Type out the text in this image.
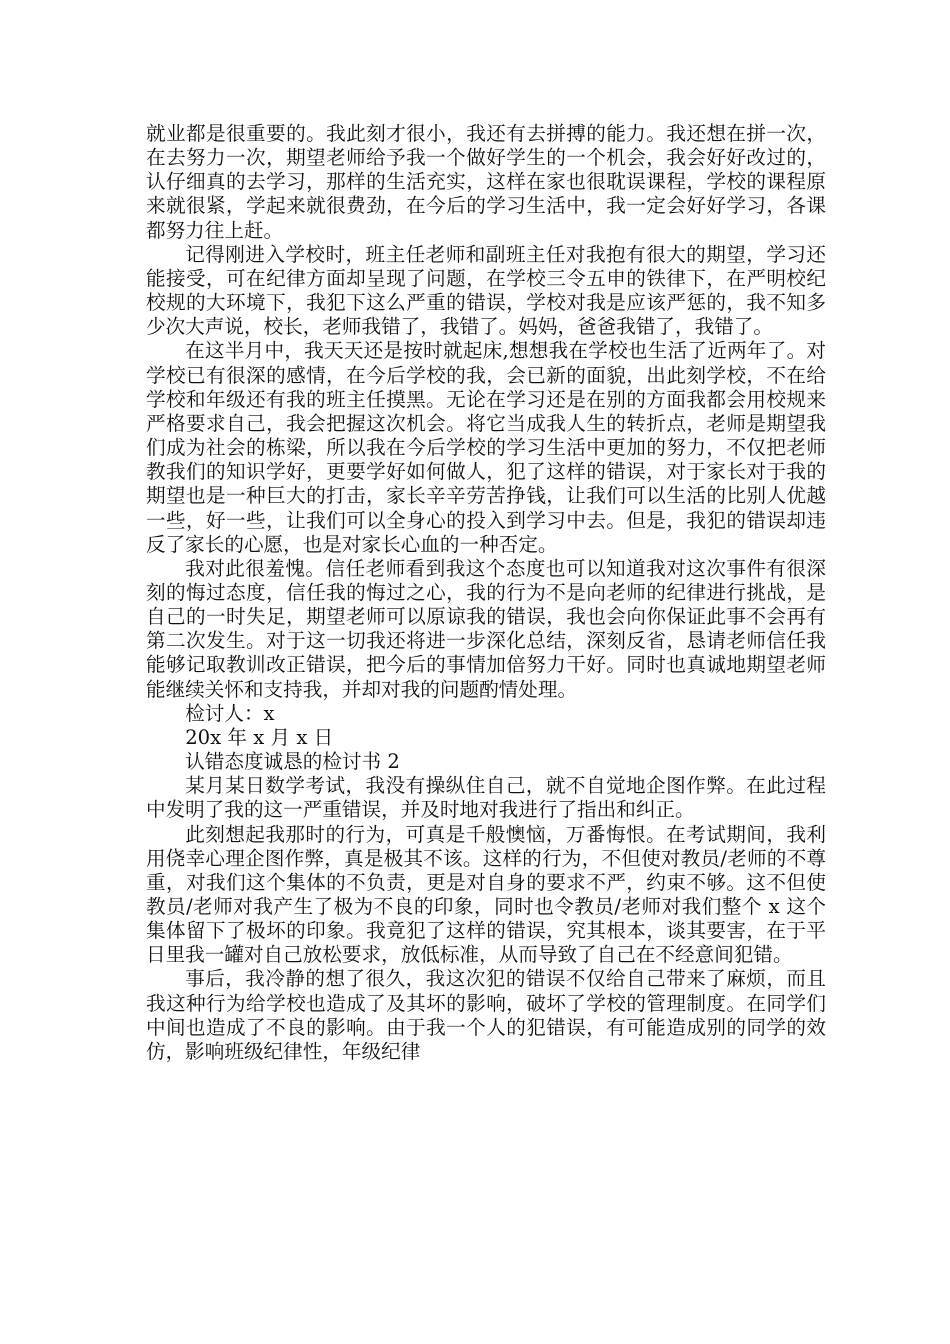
就业都是很重要的。我此刻才很小，我还有去拼搏的能力。我还想在拼一次，在去努力一次，期望老师给予我一个做好学生的一个机会，我会好好改过的，认仔细真的去学习，那样的生活充实，这样在家也很耽误课程，学校的课程原来就很紧，学起来就很费劲，在今后的学习生活中，我一定会好好学习，各课都努力往上赶。

记得刚进入学校时，班主任老师和副班主任对我抱有很大的期望，学习还能接受，可在纪律方面却呈现了问题，在学校三令五申的铁律下，在严明校纪校规的大环境下，我犯下这么严重的错误，学校对我是应该严惩的，我不知多少次大声说，校长，老师我错了，我错了。妈妈，爸爸我错了，我错了。

在这半月中，我天天还是按时就起床,想想我在学校也生活了近两年了。对学校已有很深的感情，在今后学校的我，会已新的面貌，出此刻学校，不在给学校和年级还有我的班主任摸黑。无论在学习还是在别的方面我都会用校规来严格要求自己，我会把握这次机会。将它当成我人生的转折点，老师是期望我们成为社会的栋梁，所以我在今后学校的学习生活中更加的努力，不仅把老师教我们的知识学好，更要学好如何做人，犯了这样的错误，对于家长对于我的期望也是一种巨大的打击，家长辛辛劳苦挣钱，让我们可以生活的比别人优越一些，好一些，让我们可以全身心的投入到学习中去。但是，我犯的错误却违反了家长的心愿，也是对家长心血的一种否定。

我对此很羞愧。信任老师看到我这个态度也可以知道我对这次事件有很深刻的悔过态度，信任我的悔过之心，我的行为不是向老师的纪律进行挑战，是自己的一时失足，期望老师可以原谅我的错误，我也会向你保证此事不会再有第二次发生。对于这一切我还将进一步深化总结，深刻反省，恳请老师信任我能够记取教训改正错误，把今后的事情加倍努力干好。同时也真诚地期望老师能继续关怀和支持我，并却对我的问题酌情处理。

检讨人：x

20x 年 x 月 x 日

认错态度诚恳的检讨书 2

某月某日数学考试，我没有操纵住自己，就不自觉地企图作弊。在此过程中发明了我的这一严重错误，并及时地对我进行了指出和纠正。

此刻想起我那时的行为，可真是千般懊恼，万番悔恨。在考试期间，我利用侥幸心理企图作弊，真是极其不该。这样的行为，不但使对教员/老师的不尊重，对我们这个集体的不负责，更是对自身的要求不严，约束不够。这不但使教员/老师对我产生了极为不良的印象，同时也令教员/老师对我们整个 x 这个集体留下了极坏的印象。我竟犯了这样的错误，究其根本，谈其要害，在于平日里我一罐对自己放松要求，放低标准，从而导致了自己在不经意间犯错。

事后，我冷静的想了很久，我这次犯的错误不仅给自己带来了麻烦，而且我这种行为给学校也造成了及其坏的影响，破坏了学校的管理制度。在同学们中间也造成了不良的影响。由于我一个人的犯错误，有可能造成别的同学的效仿，影响班级纪律性，年级纪律
